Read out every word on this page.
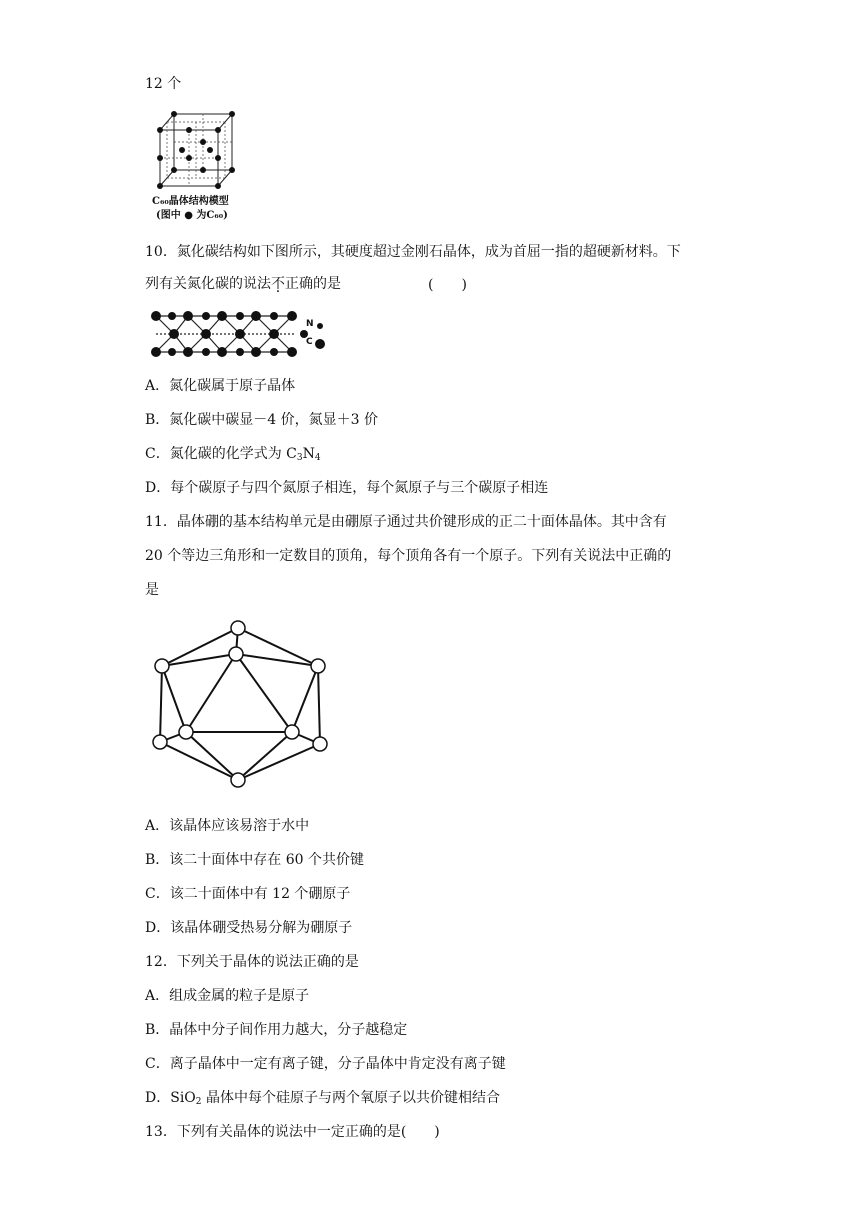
12 个
C₆₀晶体结构模型
(图中 ● 为C₆₀)
10．氮化碳结构如下图所示，其硬度超过金刚石晶体，成为首屈一指的超硬新材料。下
列有关氮化碳的说法不正确的是	(　　)
N
C
A．氮化碳属于原子晶体
B．氮化碳中碳显－4 价，氮显＋3 价
C．氮化碳的化学式为 $C_3N_4$
D．每个碳原子与四个氮原子相连，每个氮原子与三个碳原子相连
11．晶体硼的基本结构单元是由硼原子通过共价键形成的正二十面体晶体。其中含有
20 个等边三角形和一定数目的顶角，每个顶角各有一个原子。下列有关说法中正确的
是
A．该晶体应该易溶于水中
B．该二十面体中存在 60 个共价键
C．该二十面体中有 12 个硼原子
D．该晶体硼受热易分解为硼原子
12．下列关于晶体的说法正确的是
A．组成金属的粒子是原子
B．晶体中分子间作用力越大，分子越稳定
C．离子晶体中一定有离子键，分子晶体中肯定没有离子键
D．SiO$_2$ 晶体中每个硅原子与两个氧原子以共价键相结合
13．下列有关晶体的说法中一定正确的是(　　)
